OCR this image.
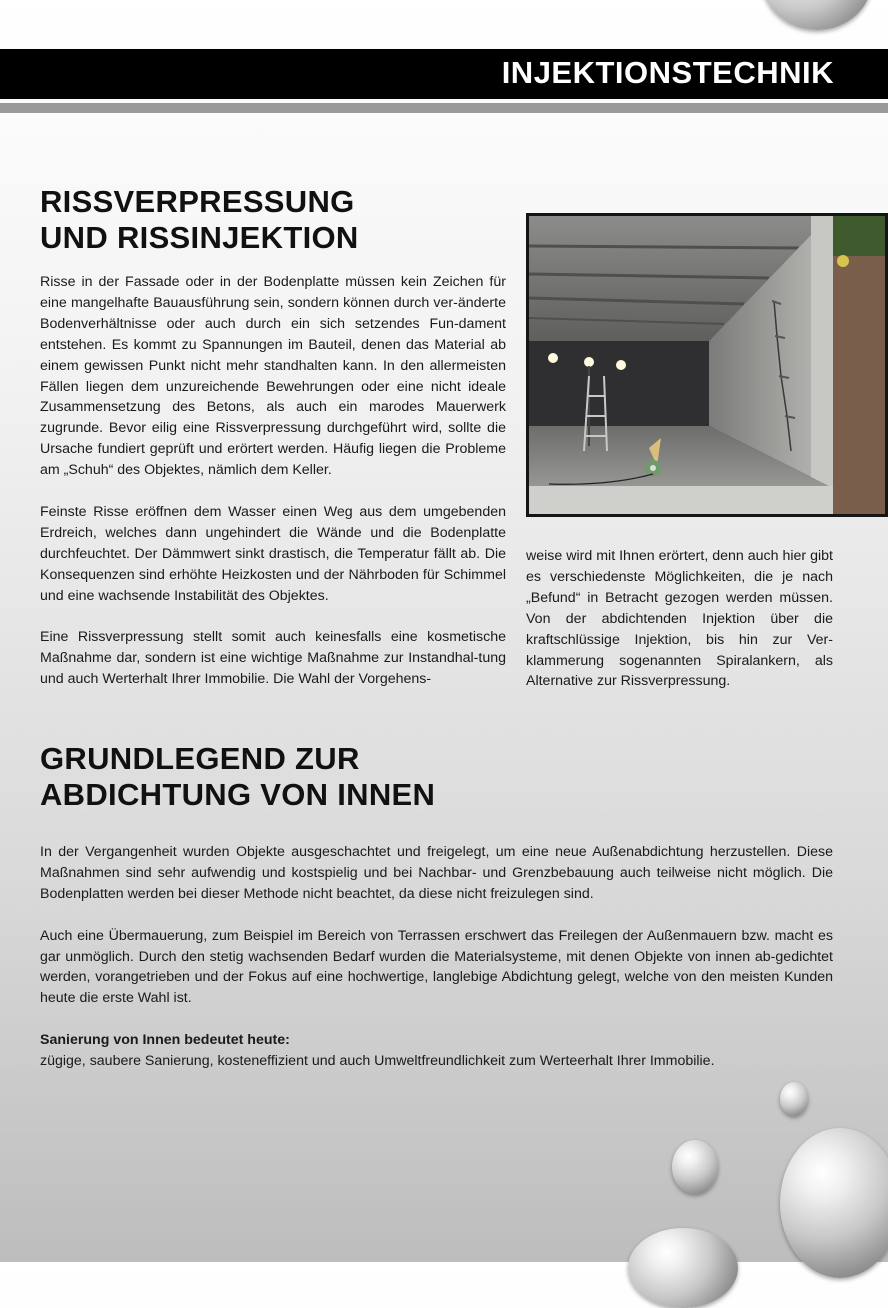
INJEKTIONSTECHNIK
RISSVERPRESSUNG
UND RISSINJEKTION

Risse in der Fassade oder in der Bodenplatte müssen kein Zeichen für eine mangelhafte Bauausführung sein, sondern können durch ver-änderte Bodenverhältnisse oder auch durch ein sich setzendes Fun-dament entstehen. Es kommt zu Spannungen im Bauteil, denen das Material ab einem gewissen Punkt nicht mehr standhalten kann. In den allermeisten Fällen liegen dem unzureichende Bewehrungen oder eine nicht ideale Zusammensetzung des Betons, als auch ein marodes Mauerwerk zugrunde. Bevor eilig eine Rissverpressung durchgeführt wird, sollte die Ursache fundiert geprüft und erörtert werden. Häufig liegen die Probleme am „Schuh“ des Objektes, nämlich dem Keller.

Feinste Risse eröffnen dem Wasser einen Weg aus dem umgebenden Erdreich, welches dann ungehindert die Wände und die Bodenplatte durchfeuchtet. Der Dämmwert sinkt drastisch, die Temperatur fällt ab. Die Konsequenzen sind erhöhte Heizkosten und der Nährboden für Schimmel und eine wachsende Instabilität des Objektes.

Eine Rissverpressung stellt somit auch keinesfalls eine kosmetische Maßnahme dar, sondern ist eine wichtige Maßnahme zur Instandhal-tung und auch Werterhalt Ihrer Immobilie. Die Wahl der Vorgehens-

weise wird mit Ihnen erörtert, denn auch hier gibt es verschiedenste Möglichkeiten, die je nach „Befund“ in Betracht gezogen werden müssen. Von der abdichtenden Injektion über die kraftschlüssige Injektion, bis hin zur Ver-klammerung sogenannten Spiralankern, als Alternative zur Rissverpressung.

GRUNDLEGEND ZUR
ABDICHTUNG VON INNEN

In der Vergangenheit wurden Objekte ausgeschachtet und freigelegt, um eine neue Außenabdichtung herzustellen. Diese Maßnahmen sind sehr aufwendig und kostspielig und bei Nachbar- und Grenzbebauung auch teilweise nicht möglich. Die Bodenplatten werden bei dieser Methode nicht beachtet, da diese nicht freizulegen sind.

Auch eine Übermauerung, zum Beispiel im Bereich von Terrassen erschwert das Freilegen der Außenmauern bzw. macht es gar unmöglich. Durch den stetig wachsenden Bedarf wurden die Materialsysteme, mit denen Objekte von innen ab-gedichtet werden, vorangetrieben und der Fokus auf eine hochwertige, langlebige Abdichtung gelegt, welche von den meisten Kunden heute die erste Wahl ist.

Sanierung von Innen bedeutet heute:
zügige, saubere Sanierung, kosteneffizient und auch Umweltfreundlichkeit zum Werteerhalt Ihrer Immobilie.
